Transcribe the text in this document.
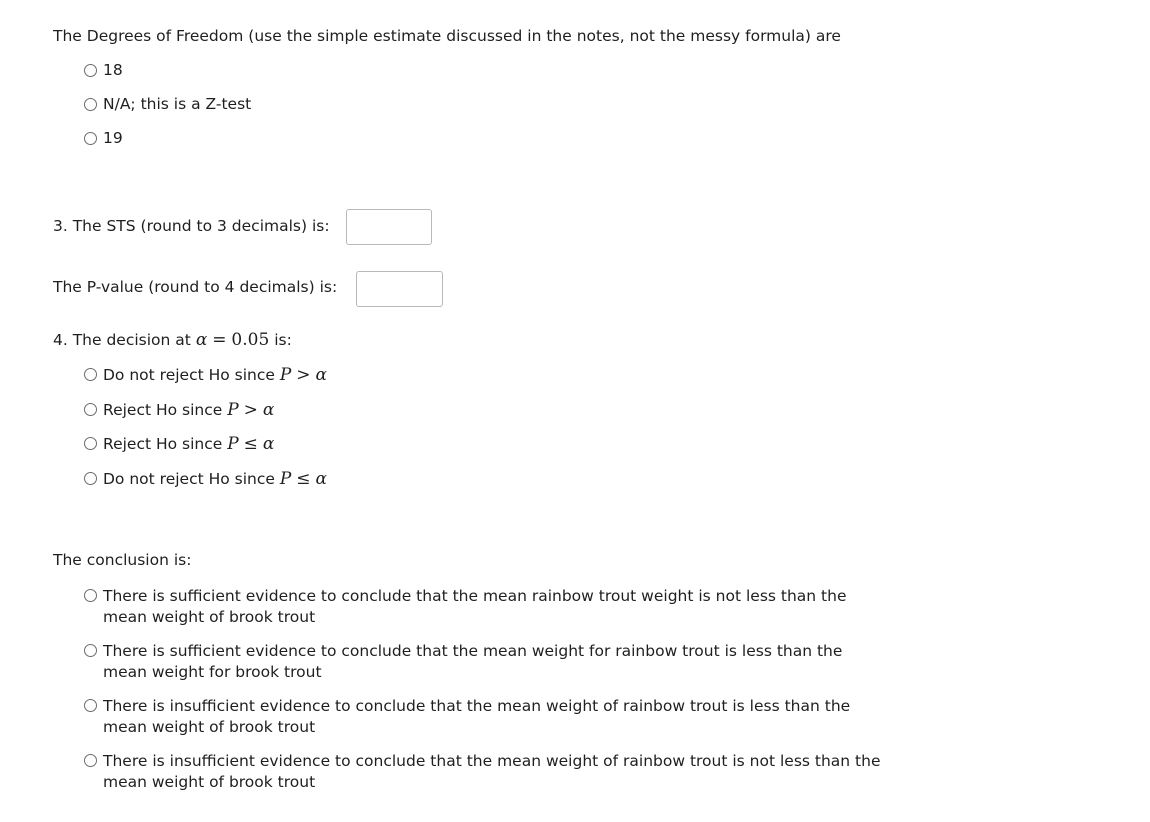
The Degrees of Freedom (use the simple estimate discussed in the notes, not the messy formula) are
18
N/A; this is a Z-test
19
3. The STS (round to 3 decimals) is:
The P-value (round to 4 decimals) is:
4. The decision at α = 0.05 is:
Do not reject Ho since P > α
Reject Ho since P > α
Reject Ho since P ≤ α
Do not reject Ho since P ≤ α
The conclusion is:
There is sufficient evidence to conclude that the mean rainbow trout weight is not less than the
mean weight of brook trout
There is sufficient evidence to conclude that the mean weight for rainbow trout is less than the
mean weight for brook trout
There is insufficient evidence to conclude that the mean weight of rainbow trout is less than the
mean weight of brook trout
There is insufficient evidence to conclude that the mean weight of rainbow trout is not less than the
mean weight of brook trout
